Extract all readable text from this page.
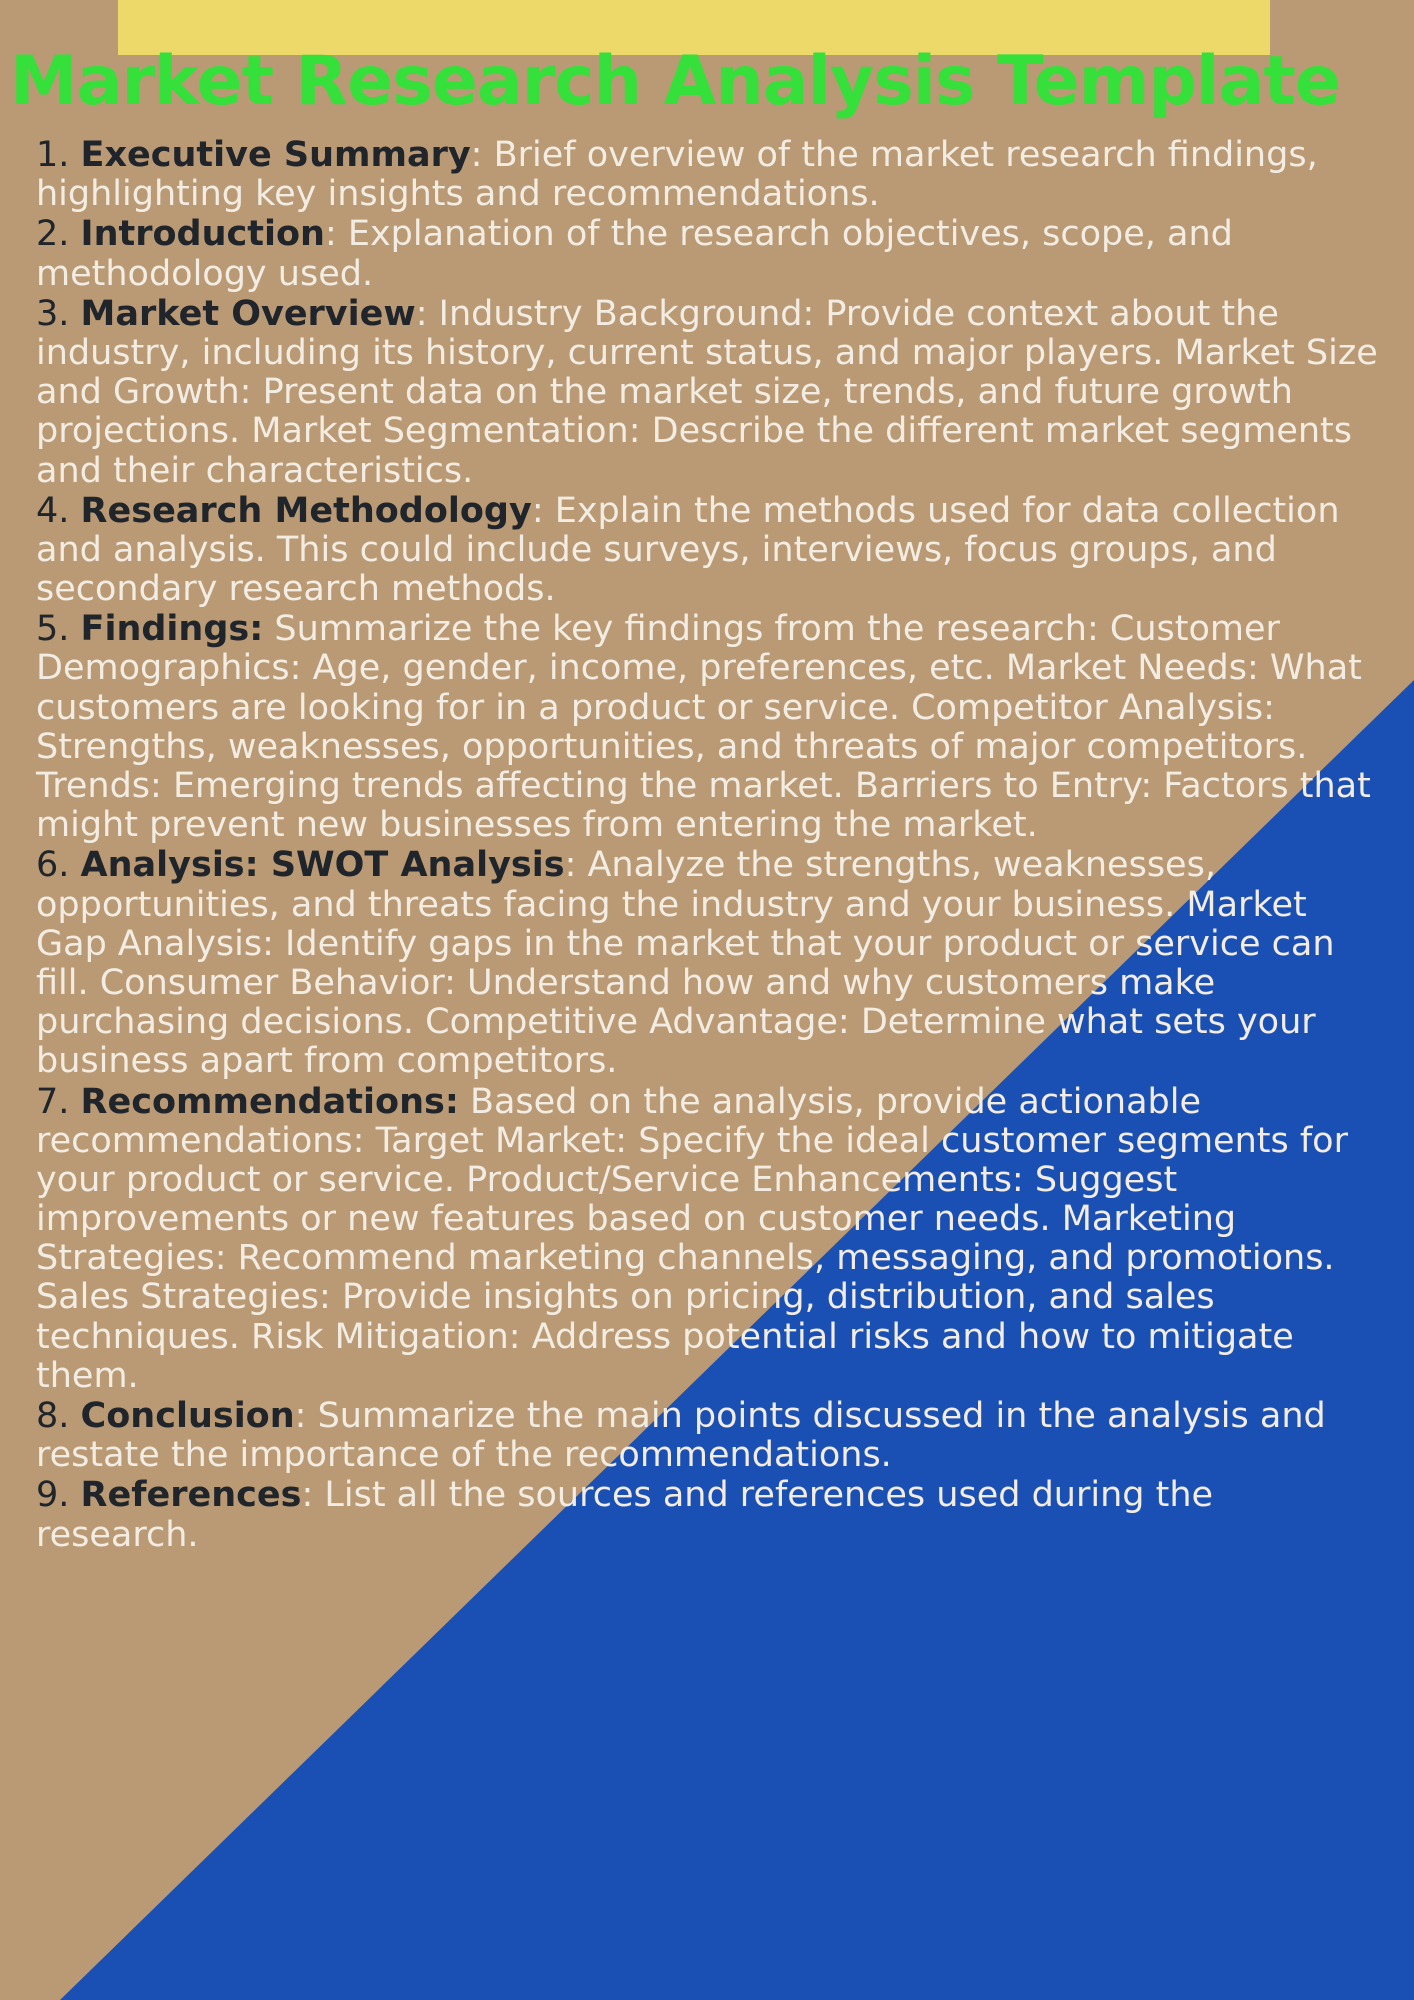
Market Research Analysis Template

1. Executive Summary: Brief overview of the market research findings, highlighting key insights and recommendations.

2. Introduction: Explanation of the research objectives, scope, and methodology used.

3. Market Overview: Industry Background: Provide context about the industry, including its history, current status, and major players. Market Size and Growth: Present data on the market size, trends, and future growth projections. Market Segmentation: Describe the different market segments and their characteristics.

4. Research Methodology: Explain the methods used for data collection and analysis. This could include surveys, interviews, focus groups, and secondary research methods.

5. Findings: Summarize the key findings from the research: Customer Demographics: Age, gender, income, preferences, etc. Market Needs: What customers are looking for in a product or service. Competitor Analysis: Strengths, weaknesses, opportunities, and threats of major competitors. Trends: Emerging trends affecting the market. Barriers to Entry: Factors that might prevent new businesses from entering the market.

6. Analysis: SWOT Analysis: Analyze the strengths, weaknesses, opportunities, and threats facing the industry and your business. Market Gap Analysis: Identify gaps in the market that your product or service can fill. Consumer Behavior: Understand how and why customers make purchasing decisions. Competitive Advantage: Determine what sets your business apart from competitors.

7. Recommendations: Based on the analysis, provide actionable recommendations: Target Market: Specify the ideal customer segments for your product or service. Product/Service Enhancements: Suggest improvements or new features based on customer needs. Marketing Strategies: Recommend marketing channels, messaging, and promotions. Sales Strategies: Provide insights on pricing, distribution, and sales techniques. Risk Mitigation: Address potential risks and how to mitigate them.

8. Conclusion: Summarize the main points discussed in the analysis and restate the importance of the recommendations.

9. References: List all the sources and references used during the research.
